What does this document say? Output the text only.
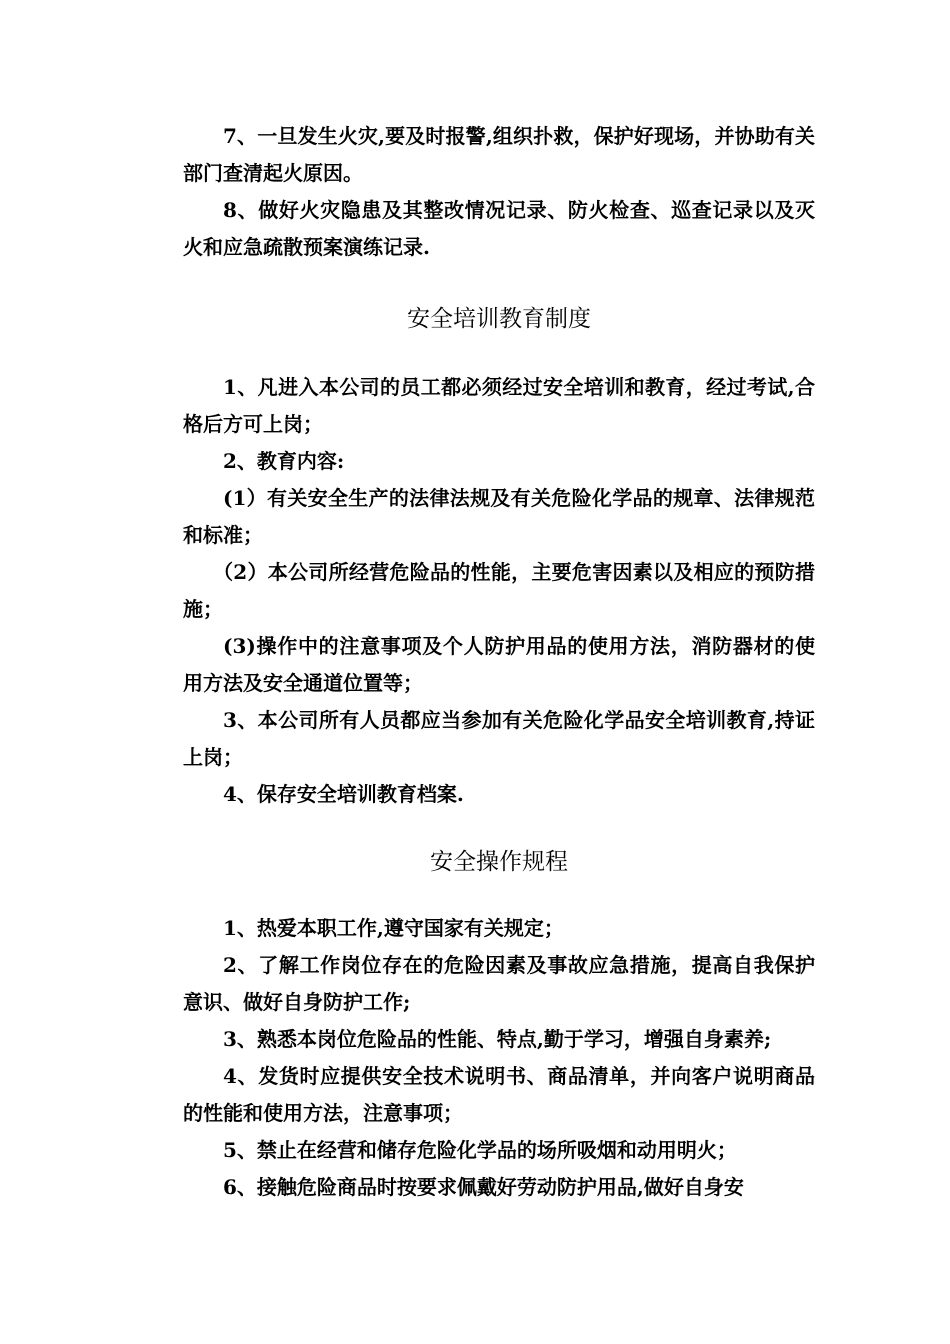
7、一旦发生火灾,要及时报警,组织扑救，保护好现场，并协助有关部门查清起火原因。

8、做好火灾隐患及其整改情况记录、防火检查、巡查记录以及灭火和应急疏散预案演练记录.

安全培训教育制度

1、凡进入本公司的员工都必须经过安全培训和教育，经过考试,合格后方可上岗；

2、教育内容:

(1）有关安全生产的法律法规及有关危险化学品的规章、法律规范和标准；

（2）本公司所经营危险品的性能，主要危害因素以及相应的预防措施；

(3)操作中的注意事项及个人防护用品的使用方法，消防器材的使用方法及安全通道位置等；

3、本公司所有人员都应当参加有关危险化学品安全培训教育,持证上岗；

4、保存安全培训教育档案.

安全操作规程

1、热爱本职工作,遵守国家有关规定；

2、了解工作岗位存在的危险因素及事故应急措施，提高自我保护意识、做好自身防护工作;

3、熟悉本岗位危险品的性能、特点,勤于学习，增强自身素养;

4、发货时应提供安全技术说明书、商品清单，并向客户说明商品的性能和使用方法，注意事项；

5、禁止在经营和储存危险化学品的场所吸烟和动用明火；

6、接触危险商品时按要求佩戴好劳动防护用品,做好自身安
